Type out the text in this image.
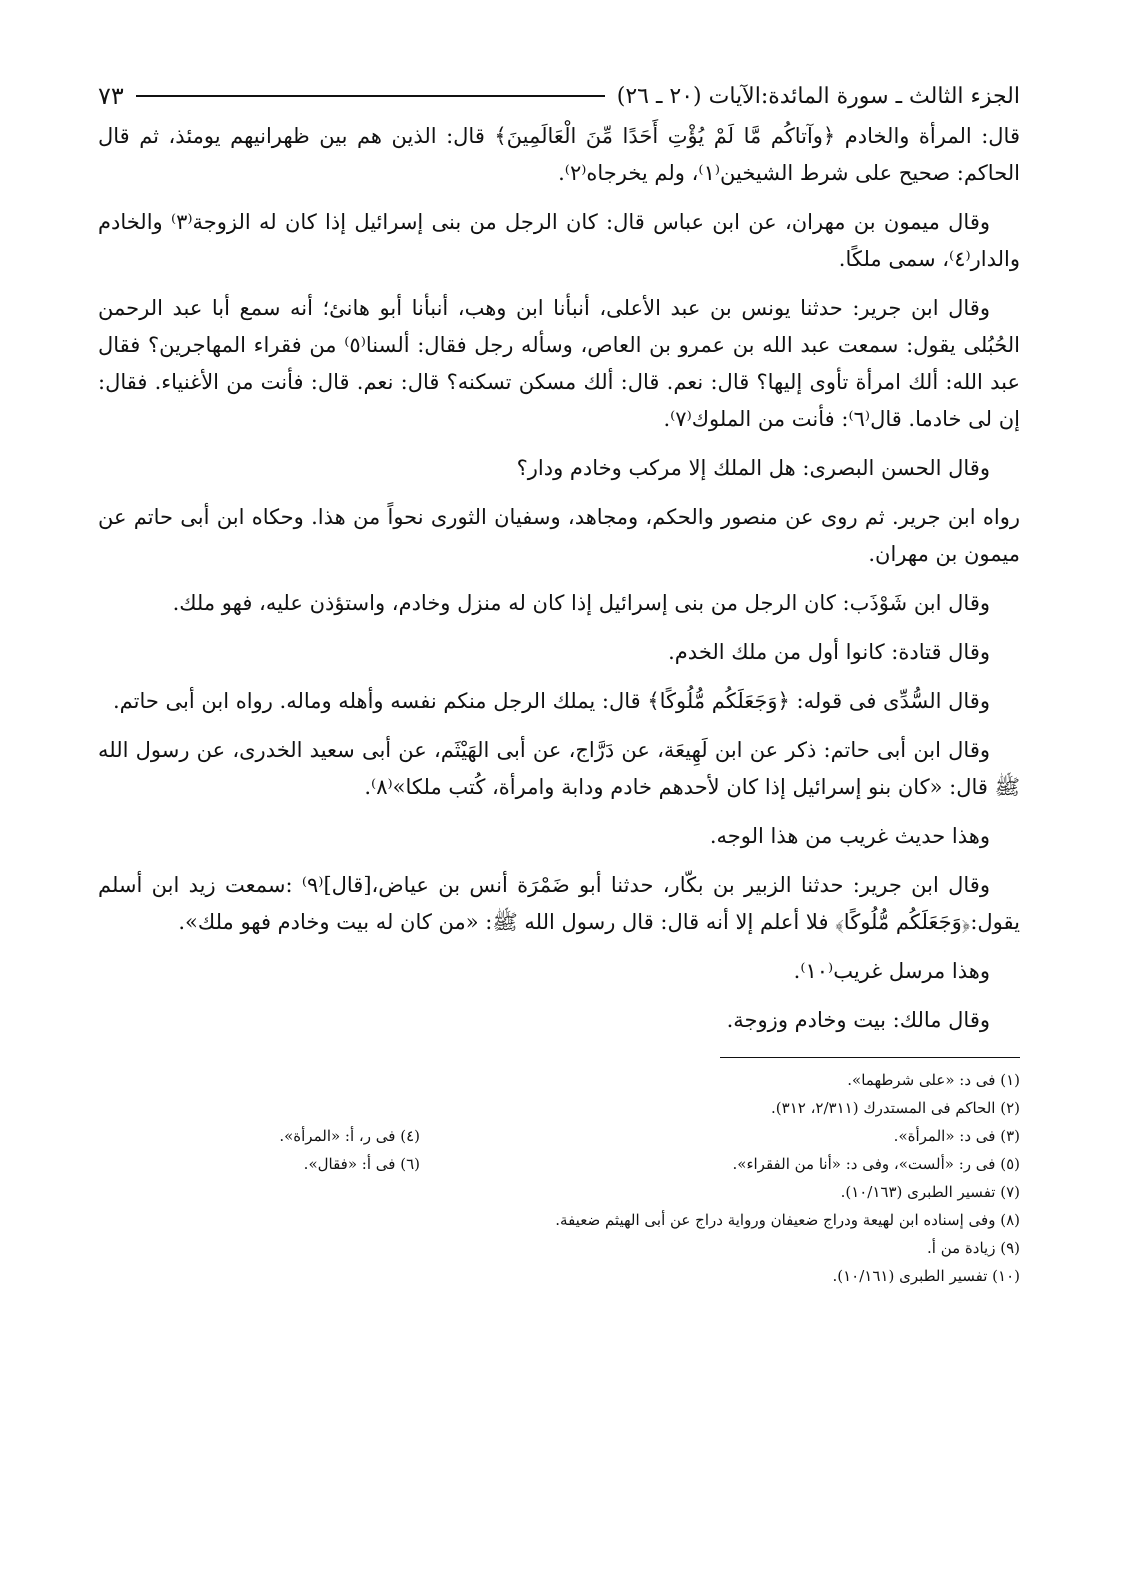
الجزء الثالث ـ سورة المائدة:الآيات (٢٠ ـ ٢٦)
٧٣

قال: المرأة والخادم ﴿وآتاكُم مَّا لَمْ يُؤْتِ أَحَدًا مِّنَ الْعَالَمِينَ﴾ قال: الذين هم بين ظهرانيهم يومئذ، ثم قال الحاكم: صحيح على شرط الشيخين⁽١⁾، ولم يخرجاه⁽٢⁾.

وقال ميمون بن مهران، عن ابن عباس قال: كان الرجل من بنى إسرائيل إذا كان له الزوجة⁽٣⁾ والخادم والدار⁽٤⁾، سمى ملكًا.

وقال ابن جرير: حدثنا يونس بن عبد الأعلى، أنبأنا ابن وهب، أنبأنا أبو هانئ؛ أنه سمع أبا عبد الرحمن الحُبُلى يقول: سمعت عبد الله بن عمرو بن العاص، وسأله رجل فقال: ألسنا⁽٥⁾ من فقراء المهاجرين؟ فقال عبد الله: ألك امرأة تأوى إليها؟ قال: نعم. قال: ألك مسكن تسكنه؟ قال: نعم. قال: فأنت من الأغنياء. فقال: إن لى خادما. قال⁽٦⁾: فأنت من الملوك⁽٧⁾.

وقال الحسن البصرى: هل الملك إلا مركب وخادم ودار؟

رواه ابن جرير. ثم روى عن منصور والحكم، ومجاهد، وسفيان الثورى نحواً من هذا. وحكاه ابن أبى حاتم عن ميمون بن مهران.

وقال ابن شَوْذَب: كان الرجل من بنى إسرائيل إذا كان له منزل وخادم، واستؤذن عليه، فهو ملك.

وقال قتادة: كانوا أول من ملك الخدم.

وقال السُّدِّى فى قوله: ﴿وَجَعَلَكُم مُّلُوكًا﴾ قال: يملك الرجل منكم نفسه وأهله وماله. رواه ابن أبى حاتم.

وقال ابن أبى حاتم: ذكر عن ابن لَهِيعَة، عن دَرَّاج، عن أبى الهَيْثَم، عن أبى سعيد الخدرى، عن رسول الله ﷺ قال: «كان بنو إسرائيل إذا كان لأحدهم خادم ودابة وامرأة، كُتب ملكا»⁽٨⁾.

وهذا حديث غريب من هذا الوجه.

وقال ابن جرير: حدثنا الزبير بن بكّار، حدثنا أبو ضَمْرَة أنس بن عياض،[قال]⁽٩⁾ :سمعت زيد ابن أسلم يقول:﴿وَجَعَلَكُم مُّلُوكًا﴾ فلا أعلم إلا أنه قال: قال رسول الله ﷺ: «من كان له بيت وخادم فهو ملك».

وهذا مرسل غريب⁽١٠⁾.

وقال مالك: بيت وخادم وزوجة.

(١) فى د: «على شرطهما».
(٢) الحاكم فى المستدرك (٢/٣١١، ٣١٢).
(٣) فى د: «المرأة».
(٤) فى ر، أ: «المرأة».
(٥) فى ر: «ألست»، وفى د: «أنا من الفقراء».
(٦) فى أ: «فقال».
(٧) تفسير الطبرى (١٠/١٦٣).
(٨) وفى إسناده ابن لهيعة ودراج ضعيفان ورواية دراج عن أبى الهيثم ضعيفة.
(٩) زيادة من أ.
(١٠) تفسير الطبرى (١٠/١٦١).
